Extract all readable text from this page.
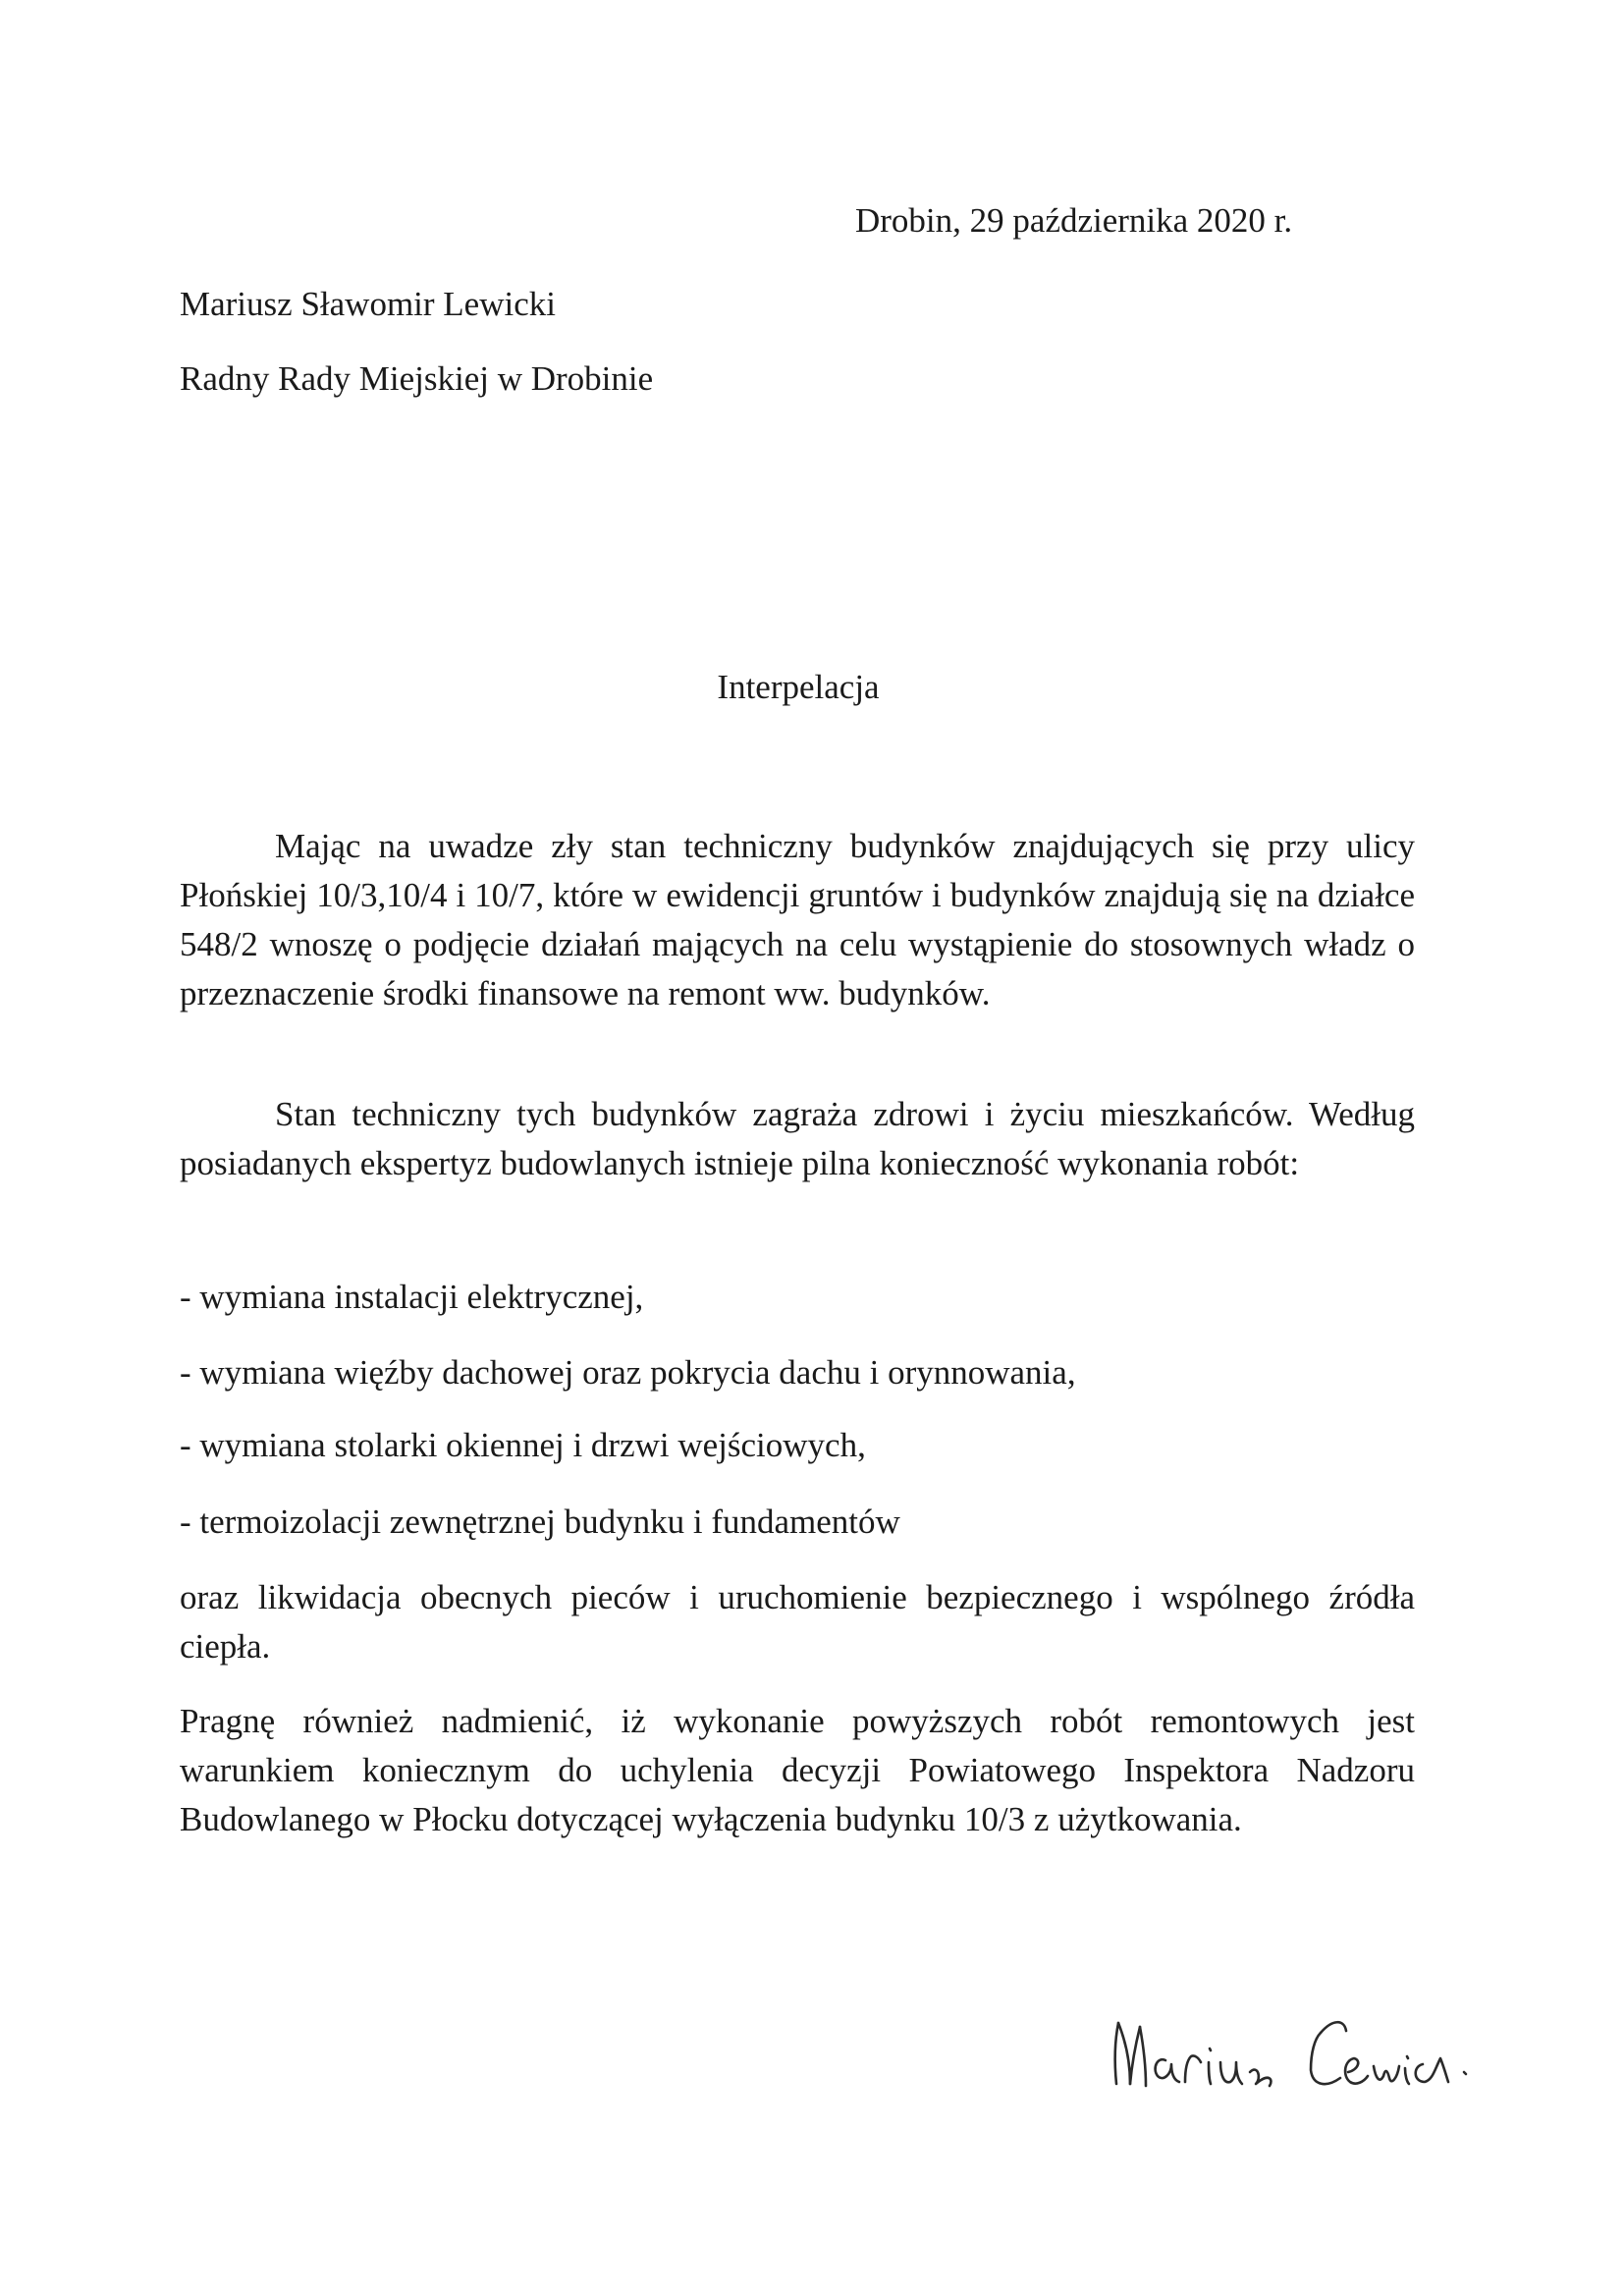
Drobin, 29 października 2020 r.
Mariusz Sławomir Lewicki
Radny Rady Miejskiej w Drobinie
Interpelacja

Mając na uwadze zły stan techniczny budynków znajdujących się przy ulicy Płońskiej 10/3,10/4 i 10/7, które w ewidencji gruntów i budynków znajdują się na działce 548/2 wnoszę o podjęcie działań mających na celu wystąpienie do stosownych władz o przeznaczenie środki finansowe na remont ww. budynków.

Stan techniczny tych budynków zagraża zdrowi i życiu mieszkańców. Według posiadanych ekspertyz budowlanych istnieje pilna konieczność wykonania robót:

- wymiana instalacji elektrycznej,
- wymiana więźby dachowej oraz pokrycia dachu i orynnowania,
- wymiana stolarki okiennej i drzwi wejściowych,
- termoizolacji zewnętrznej budynku i fundamentów

oraz likwidacja obecnych pieców i uruchomienie bezpiecznego i wspólnego źródła ciepła.

Pragnę również nadmienić, iż wykonanie powyższych robót remontowych jest warunkiem koniecznym do uchylenia decyzji Powiatowego Inspektora Nadzoru Budowlanego w Płocku dotyczącej wyłączenia budynku 10/3 z użytkowania.
